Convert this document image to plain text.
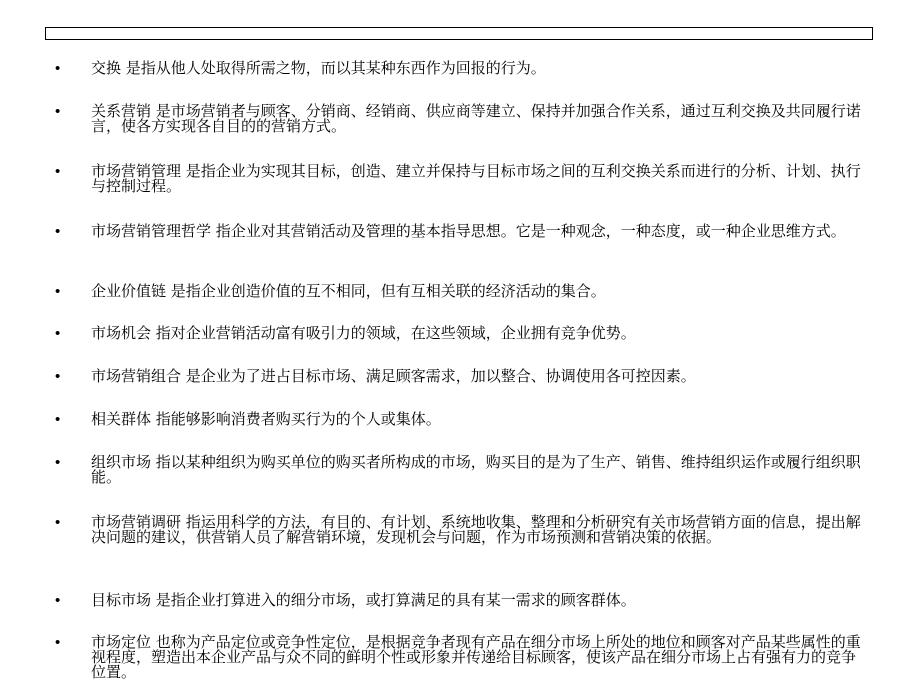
• 交换 是指从他人处取得所需之物，而以其某种东西作为回报的行为。
• 关系营销 是市场营销者与顾客、分销商、经销商、供应商等建立、保持并加强合作关系，通过互利交换及共同履行诺言，使各方实现各自目的的营销方式。
• 市场营销管理 是指企业为实现其目标，创造、建立并保持与目标市场之间的互利交换关系而进行的分析、计划、执行与控制过程。
• 市场营销管理哲学 指企业对其营销活动及管理的基本指导思想。它是一种观念，一种态度，或一种企业思维方式。
• 企业价值链 是指企业创造价值的互不相同，但有互相关联的经济活动的集合。
• 市场机会 指对企业营销活动富有吸引力的领域，在这些领域，企业拥有竞争优势。
• 市场营销组合 是企业为了进占目标市场、满足顾客需求，加以整合、协调使用各可控因素。
• 相关群体 指能够影响消费者购买行为的个人或集体。
• 组织市场 指以某种组织为购买单位的购买者所构成的市场，购买目的是为了生产、销售、维持组织运作或履行组织职能。
• 市场营销调研 指运用科学的方法，有目的、有计划、系统地收集、整理和分析研究有关市场营销方面的信息，提出解决问题的建议，供营销人员了解营销环境，发现机会与问题，作为市场预测和营销决策的依据。
• 目标市场 是指企业打算进入的细分市场，或打算满足的具有某一需求的顾客群体。
• 市场定位 也称为产品定位或竞争性定位，是根据竞争者现有产品在细分市场上所处的地位和顾客对产品某些属性的重视程度，塑造出本企业产品与众不同的鲜明个性或形象并传递给目标顾客，使该产品在细分市场上占有强有力的竞争位置。
